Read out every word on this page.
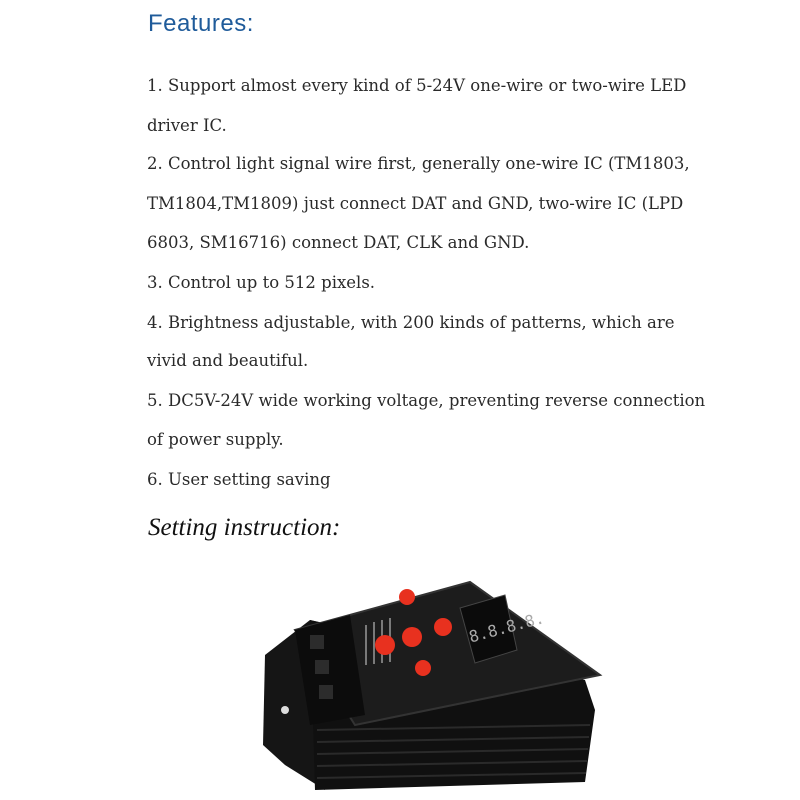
Features:
1. Support almost every kind of 5-24V one-wire or two-wire LED
driver IC.
2. Control light signal wire first, generally one-wire IC (TM1803,
TM1804,TM1809) just connect DAT and GND, two-wire IC (LPD
6803, SM16716) connect DAT, CLK and GND.
3. Control up to 512 pixels.
4. Brightness adjustable, with 200 kinds of patterns, which are
vivid and beautiful.
5. DC5V-24V wide working voltage, preventing reverse connection
of power supply.
6. User setting saving
Setting instruction:
8.8.8.8.
